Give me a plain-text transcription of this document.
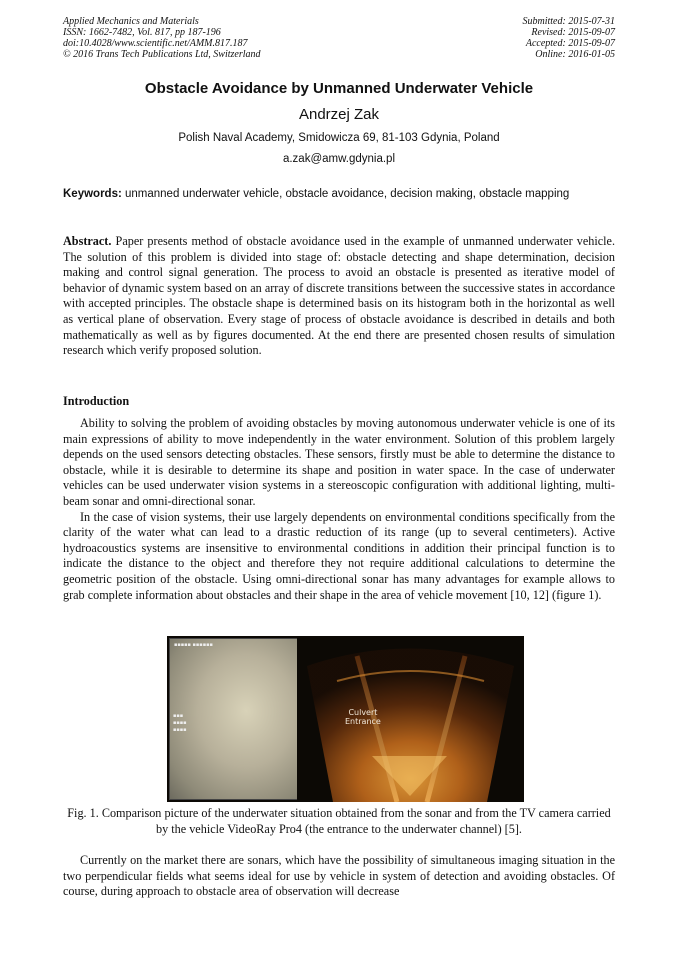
Applied Mechanics and Materials
ISSN: 1662-7482, Vol. 817, pp 187-196
doi:10.4028/www.scientific.net/AMM.817.187
© 2016 Trans Tech Publications Ltd, Switzerland
Submitted: 2015-07-31
Revised: 2015-09-07
Accepted: 2015-09-07
Online: 2016-01-05
Obstacle Avoidance by Unmanned Underwater Vehicle
Andrzej Zak
Polish Naval Academy, Smidowicza 69, 81-103 Gdynia, Poland
a.zak@amw.gdynia.pl
Keywords: unmanned underwater vehicle, obstacle avoidance, decision making, obstacle mapping

Abstract. Paper presents method of obstacle avoidance used in the example of unmanned underwater vehicle. The solution of this problem is divided into stage of: obstacle detecting and shape determination, decision making and control signal generation. The process to avoid an obstacle is presented as iterative model of behavior of dynamic system based on an array of discrete transitions between the successive states in accordance with accepted principles. The obstacle shape is determined basis on its histogram both in the horizontal as well as vertical plane of observation. Every stage of process of obstacle avoidance is described in details and both mathematically as well as by figures documented. At the end there are presented chosen results of simulation research which verify proposed solution.

Introduction

Ability to solving the problem of avoiding obstacles by moving autonomous underwater vehicle is one of its main expressions of ability to move independently in the water environment. Solution of this problem largely depends on the used sensors detecting obstacles. These sensors, firstly must be able to determine the distance to obstacle, while it is desirable to determine its shape and position in water space. In the case of underwater vehicles can be used underwater vision systems in a stereoscopic configuration with additional lighting, multi-beam sonar and omni-directional sonar.

In the case of vision systems, their use largely dependents on environmental conditions specifically from the clarity of the water what can lead to a drastic reduction of its range (up to several centimeters). Active hydroacoustics systems are insensitive to environmental conditions in addition their principal function is to indicate the distance to the object and therefore they not require additional calculations to determine the geometric position of the obstacle. Using omni-directional sonar has many advantages for example allows to grab complete information about obstacles and their shape in the area of vehicle movement [10, 12] (figure 1).

▪▪▪▪▪ ▪▪▪▪▪▪
▪▪▪
▪▪▪▪
▪▪▪▪
Culvert
Entrance
Fig. 1. Comparison picture of the underwater situation obtained from the sonar and from the TV camera carried by the vehicle VideoRay Pro4 (the entrance to the underwater channel) [5].

Currently on the market there are sonars, which have the possibility of simultaneous imaging situation in the two perpendicular fields what seems ideal for use by vehicle in system of detection and avoiding obstacles. Of course, during approach to obstacle area of observation will decrease
